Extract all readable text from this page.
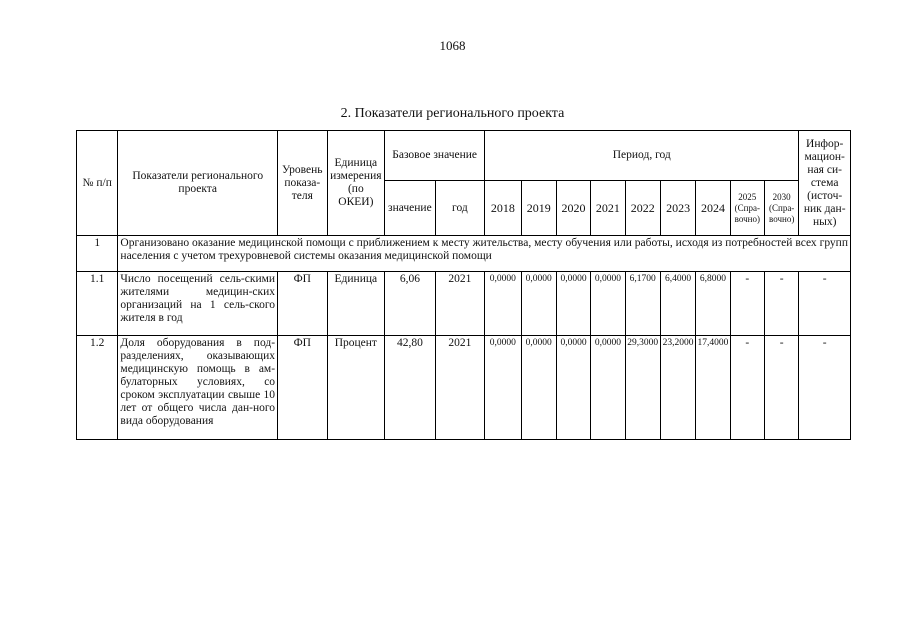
1068
2. Показатели регионального проекта
№ п/п	Показатели регионального проекта	Уровень показа-теля	Единица измерения (по ОКЕИ)	Базовое значение		Период, год									Инфор-мацион-ная си-стема (источ-ник дан-ных)
				значение	год	2018	2019	2020	2021	2022	2023	2024	2025 (Спра-вочно)	2030 (Спра-вочно)	
1	Организовано оказание медицинской помощи с приближением к месту жительства, месту обучения или работы, исходя из потребностей всех групп населения с учетом трехуровневой системы оказания медицинской помощи														
1.1	Число посещений сель-скими жителями медицин-ских организаций на 1 сель-ского жителя в год	ФП	Единица	6,06	2021	0,0000	0,0000	0,0000	0,0000	6,1700	6,4000	6,8000	-	-	-
1.2	Доля оборудования в под-разделениях, оказывающих медицинскую помощь в ам-булаторных условиях, со сроком эксплуатации свыше 10 лет от общего числа дан-ного вида оборудования	ФП	Процент	42,80	2021	0,0000	0,0000	0,0000	0,0000	29,3000	23,2000	17,4000	-	-	-
